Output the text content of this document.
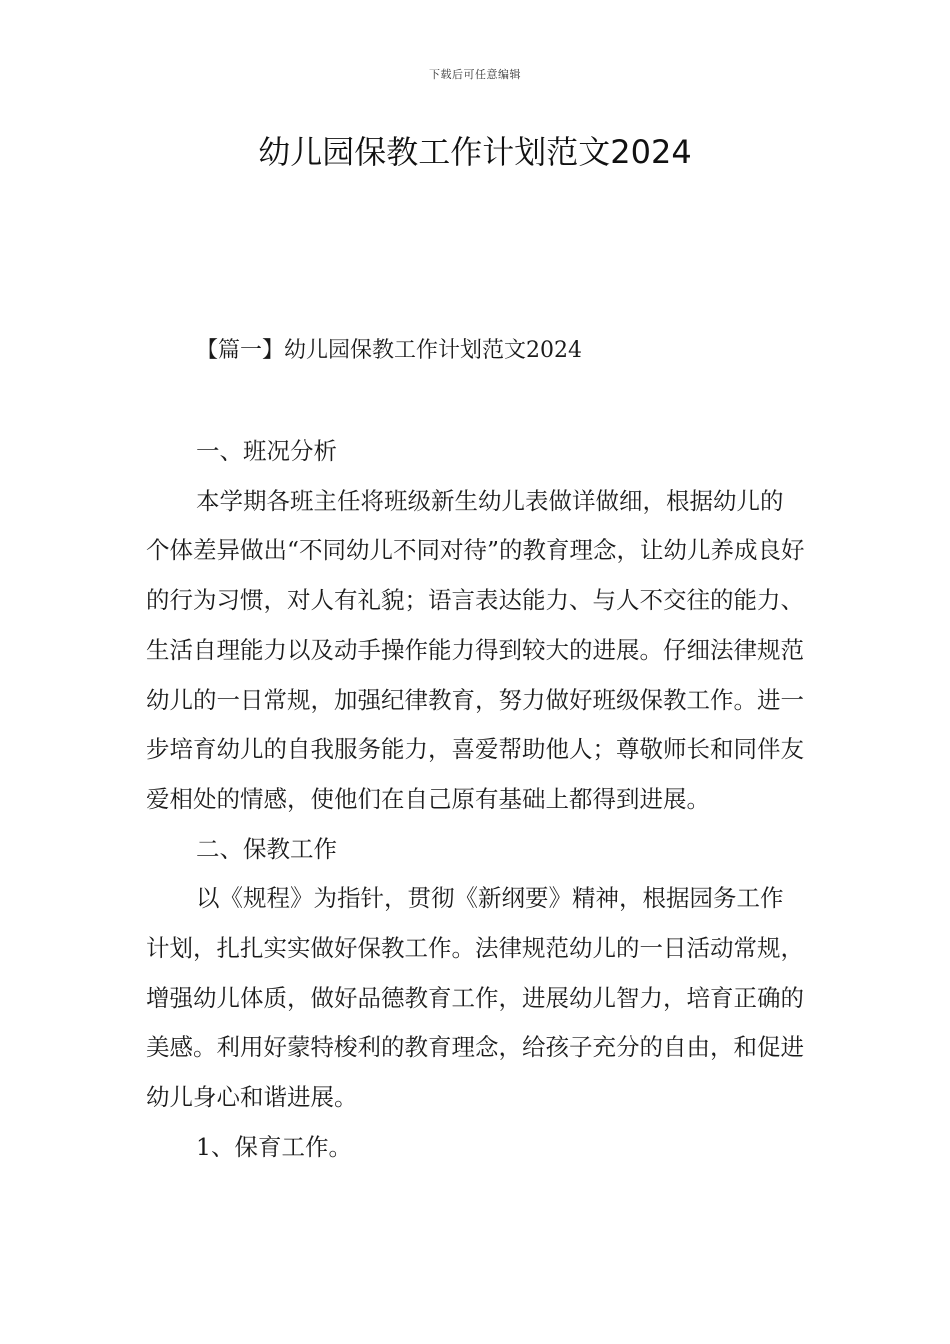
下载后可任意编辑
幼儿园保教工作计划范文2024
【篇一】幼儿园保教工作计划范文2024

一、班况分析

本学期各班主任将班级新生幼儿表做详做细，根据幼儿的个体差异做出“不同幼儿不同对待”的教育理念，让幼儿养成良好的行为习惯，对人有礼貌；语言表达能力、与人不交往的能力、生活自理能力以及动手操作能力得到较大的进展。仔细法律规范幼儿的一日常规，加强纪律教育，努力做好班级保教工作。进一步培育幼儿的自我服务能力，喜爱帮助他人；尊敬师长和同伴友爱相处的情感，使他们在自己原有基础上都得到进展。

二、保教工作

以《规程》为指针，贯彻《新纲要》精神，根据园务工作计划，扎扎实实做好保教工作。法律规范幼儿的一日活动常规，增强幼儿体质，做好品德教育工作，进展幼儿智力，培育正确的美感。利用好蒙特梭利的教育理念，给孩子充分的自由，和促进幼儿身心和谐进展。

1、保育工作。
